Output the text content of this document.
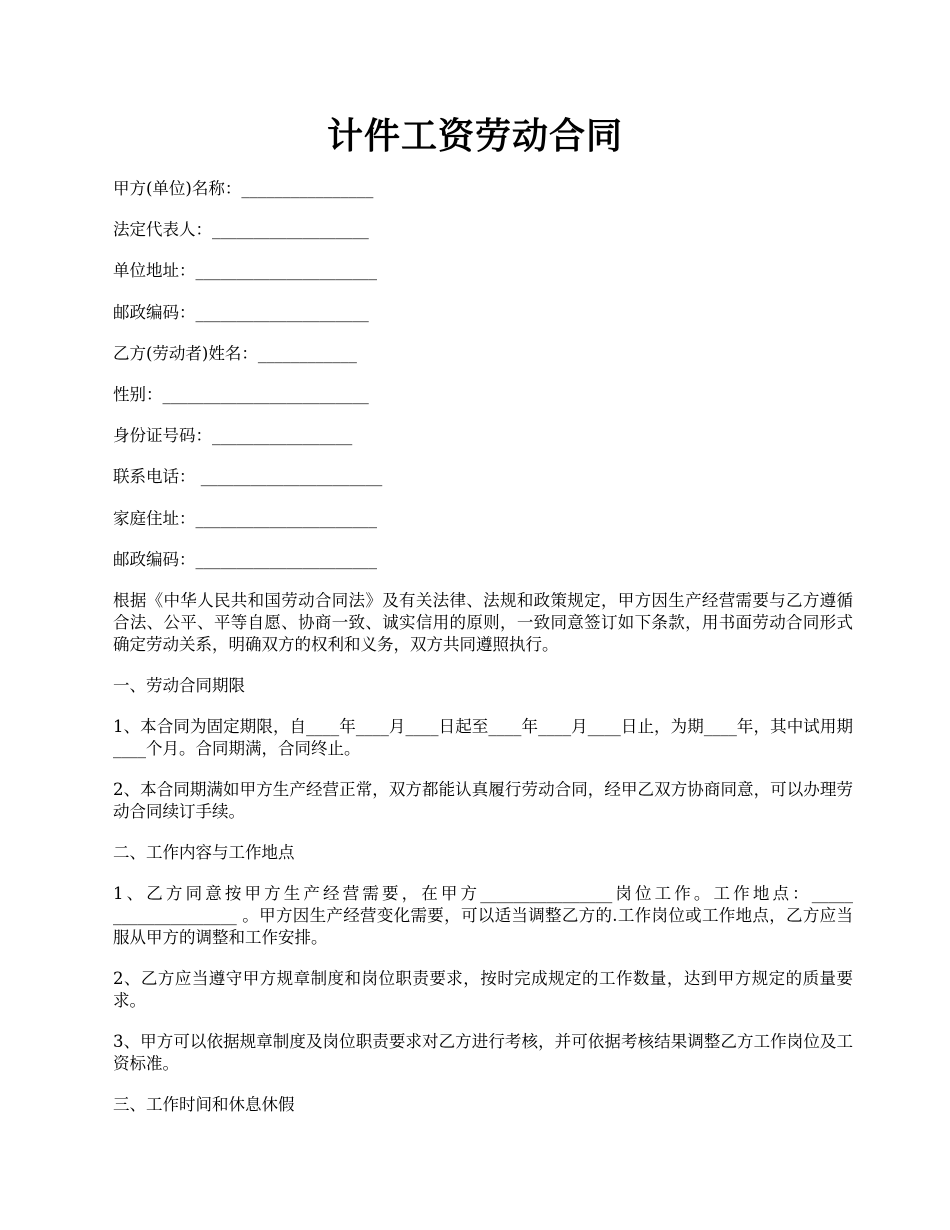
计件工资劳动合同
甲方(单位)名称：________________
法定代表人：___________________
单位地址：______________________
邮政编码：_____________________
乙方(劳动者)姓名：____________
性别：_________________________
身份证号码：_________________
联系电话： ______________________
家庭住址：______________________
邮政编码：______________________

根据《中华人民共和国劳动合同法》及有关法律、法规和政策规定，甲方因生产经营需要与乙方遵循合法、公平、平等自愿、协商一致、诚实信用的原则，一致同意签订如下条款，用书面劳动合同形式确定劳动关系，明确双方的权利和义务，双方共同遵照执行。

一、劳动合同期限

1、本合同为固定期限，自____年____月____日起至____年____月____日止，为期____年，其中试用期____个月。合同期满，合同终止。

2、本合同期满如甲方生产经营正常，双方都能认真履行劳动合同，经甲乙双方协商同意，可以办理劳动合同续订手续。

二、工作内容与工作地点

1、乙方同意按甲方生产经营需要，在甲方________________岗位工作。工作地点：_____ _______________ 。甲方因生产经营变化需要，可以适当调整乙方的.工作岗位或工作地点，乙方应当服从甲方的调整和工作安排。

2、乙方应当遵守甲方规章制度和岗位职责要求，按时完成规定的工作数量，达到甲方规定的质量要求。

3、甲方可以依据规章制度及岗位职责要求对乙方进行考核，并可依据考核结果调整乙方工作岗位及工资标准。

三、工作时间和休息休假
